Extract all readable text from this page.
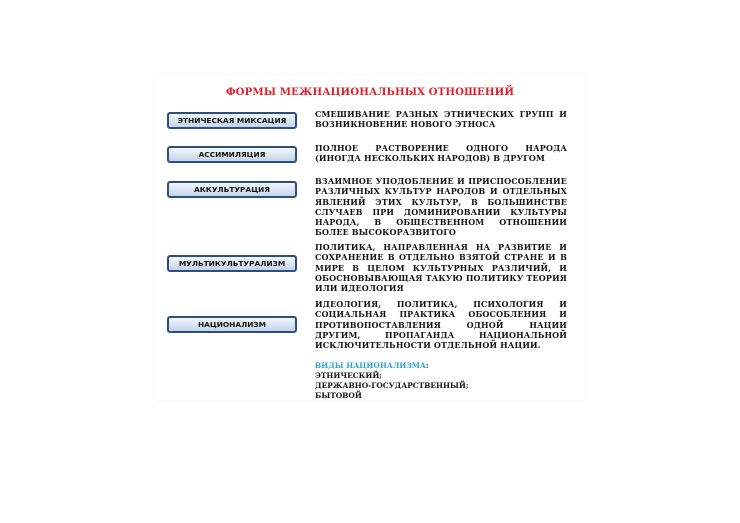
ФОРМЫ МЕЖНАЦИОНАЛЬНЫХ ОТНОШЕНИЙ
ЭТНИЧЕСКАЯ МИКСАЦИЯ
СМЕШИВАНИЕ РАЗНЫХ ЭТНИЧЕСКИХ ГРУПП И ВОЗНИКНОВЕНИЕ НОВОГО ЭТНОСА
АССИМИЛЯЦИЯ
ПОЛНОЕ РАСТВОРЕНИЕ ОДНОГО НАРОДА (ИНОГДА НЕСКОЛЬКИХ НАРОДОВ) В ДРУГОМ
АККУЛЬТУРАЦИЯ
ВЗАИМНОЕ УПОДОБЛЕНИЕ И ПРИСПОСОБЛЕНИЕ РАЗЛИЧНЫХ КУЛЬТУР НАРОДОВ И ОТДЕЛЬНЫХ ЯВЛЕНИЙ ЭТИХ КУЛЬТУР, В БОЛЬШИНСТВЕ СЛУЧАЕВ ПРИ ДОМИНИРОВАНИИ КУЛЬТУРЫ НАРОДА, В ОБЩЕСТВЕННОМ ОТНОШЕНИИ БОЛЕЕ ВЫСОКОРАЗВИТОГО
МУЛЬТИКУЛЬТУРАЛИЗМ
ПОЛИТИКА, НАПРАВЛЕННАЯ НА РАЗВИТИЕ И СОХРАНЕНИЕ В ОТДЕЛЬНО ВЗЯТОЙ СТРАНЕ И В МИРЕ В ЦЕЛОМ КУЛЬТУРНЫХ РАЗЛИЧИЙ, И ОБОСНОВЫВАЮЩАЯ ТАКУЮ ПОЛИТИКУ ТЕОРИЯ ИЛИ ИДЕОЛОГИЯ
НАЦИОНАЛИЗМ
ИДЕОЛОГИЯ, ПОЛИТИКА, ПСИХОЛОГИЯ И СОЦИАЛЬНАЯ ПРАКТИКА ОБОСОБЛЕНИЯ И ПРОТИВОПОСТАВЛЕНИЯ ОДНОЙ НАЦИИ ДРУГИМ, ПРОПАГАНДА НАЦИОНАЛЬНОЙ ИСКЛЮЧИТЕЛЬНОСТИ ОТДЕЛЬНОЙ НАЦИИ.
ВИДЫ НАЦИОНАЛИЗМА:
ЭТНИЧЕСКИЙ;
ДЕРЖАВНО-ГОСУДАРСТВЕННЫЙ;
БЫТОВОЙ
